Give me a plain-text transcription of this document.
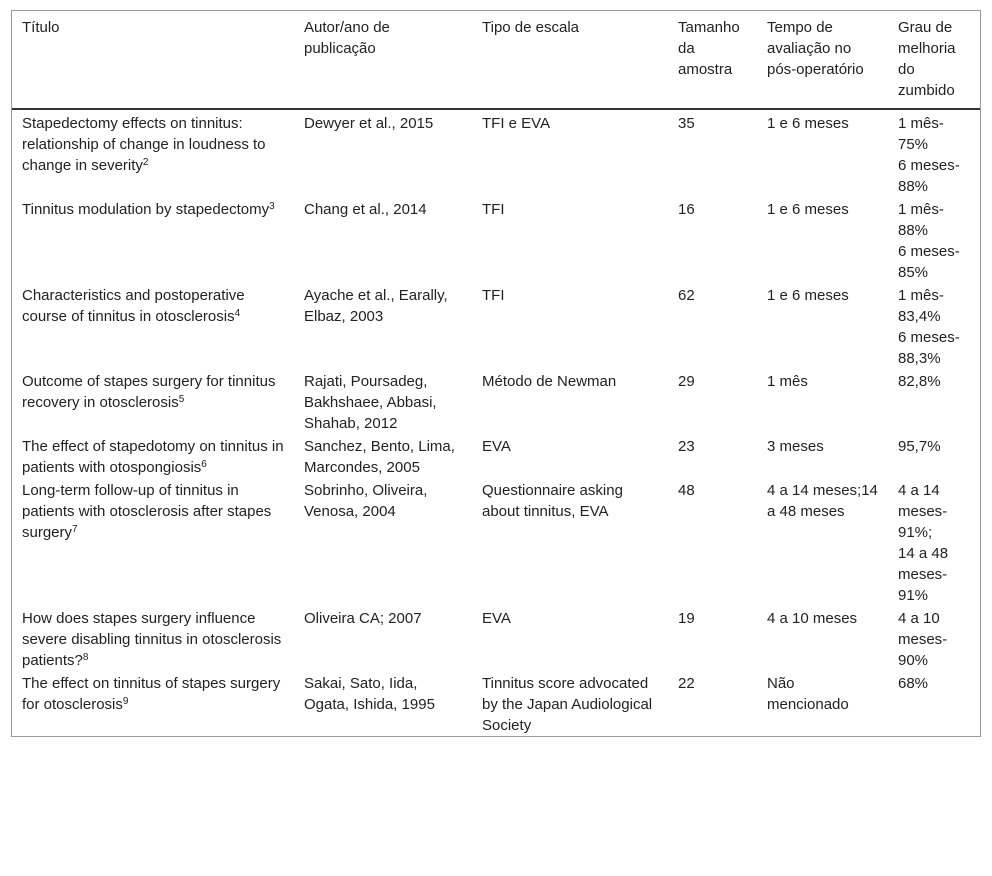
Título	Autor/ano de publicação	Tipo de escala	Tamanho da amostra	Tempo de avaliação no pós-operatório	Grau de melhoria do zumbido
Stapedectomy effects on tinnitus: relationship of change in loudness to change in severity$^2$	Dewyer et al., 2015	TFI e EVA	35	1 e 6 meses	1 mês-75%
6 meses-88%

Tinnitus modulation by stapedectomy$^3$	Chang et al., 2014	TFI	16	1 e 6 meses	1 mês-88%
6 meses-85%

Characteristics and postoperative course of tinnitus in otosclerosis$^4$	Ayache et al., Earally, Elbaz, 2003	TFI	62	1 e 6 meses	1 mês-83,4%
6 meses-88,3%

Outcome of stapes surgery for tinnitus recovery in otosclerosis$^5$	Rajati, Poursadeg, Bakhshaee, Abbasi, Shahab, 2012	Método de Newman	29	1 mês	82,8%

The effect of stapedotomy on tinnitus in patients with otospongiosis$^6$	Sanchez, Bento, Lima, Marcondes, 2005	EVA	23	3 meses	95,7%

Long-term follow-up of tinnitus in patients with otosclerosis after stapes surgery$^7$	Sobrinho, Oliveira, Venosa, 2004	Questionnaire asking about tinnitus, EVA	48	4 a 14 meses;14 a 48 meses	4 a 14 meses-91%;
14 a 48 meses-91%

How does stapes surgery influence severe disabling tinnitus in otosclerosis patients?$^8$	Oliveira CA; 2007	EVA	19	4 a 10 meses	4 a 10 meses-90%

The effect on tinnitus of stapes surgery for otosclerosis$^9$	Sakai, Sato, Iida, Ogata, Ishida, 1995	Tinnitus score advocated by the Japan Audiological Society	22	Não mencionado	68%
